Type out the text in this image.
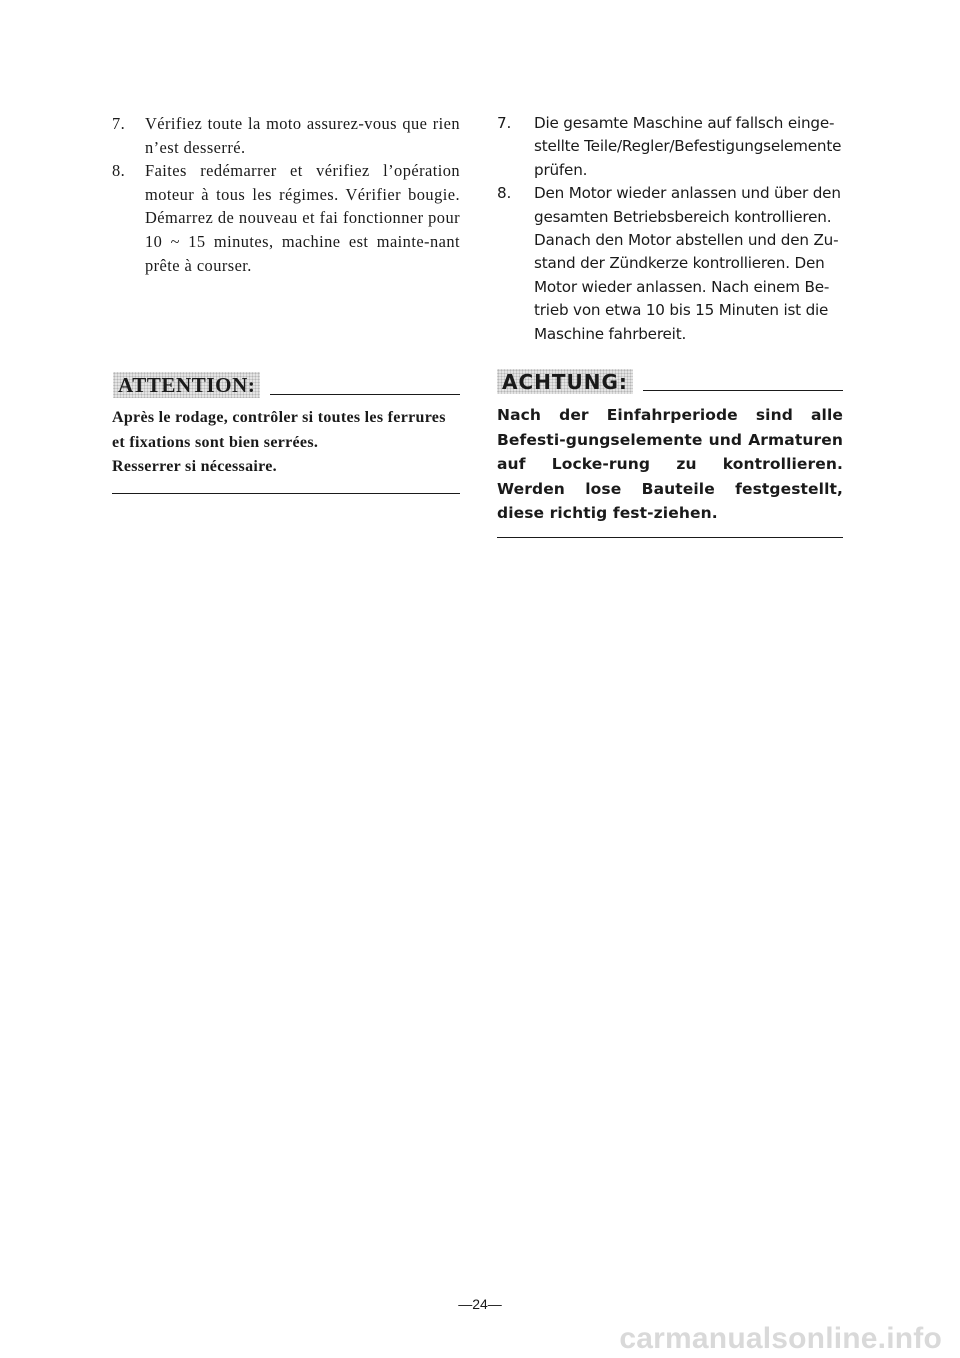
7.	Vérifiez toute la moto assurez-vous que rien n’est desserré.
8.	Faites redémarrer et vérifiez l’opération moteur à tous les régimes. Vérifier bougie. Démarrez de nouveau et fai fonctionner pour 10 ~ 15 minutes, machine est mainte-nant prête à courser.
ATTENTION:

Après le rodage, contrôler si toutes les ferrures
et fixations sont bien serrées.
Resserrer si nécessaire.

7.	Die gesamte Maschine auf fallsch einge-stellte Teile/Regler/Befestigungselemente prüfen.
8.	Den Motor wieder anlassen und über den gesamten Betriebsbereich kontrollieren. Danach den Motor abstellen und den Zu-stand der Zündkerze kontrollieren. Den Motor wieder anlassen. Nach einem Be-trieb von etwa 10 bis 15 Minuten ist die Maschine fahrbereit.
ACHTUNG:

Nach der Einfahrperiode sind alle Befesti-gungselemente und Armaturen auf Locke-rung zu kontrollieren. Werden lose Bauteile festgestellt, diese richtig fest-ziehen.

—24—
carmanualsonline.info
